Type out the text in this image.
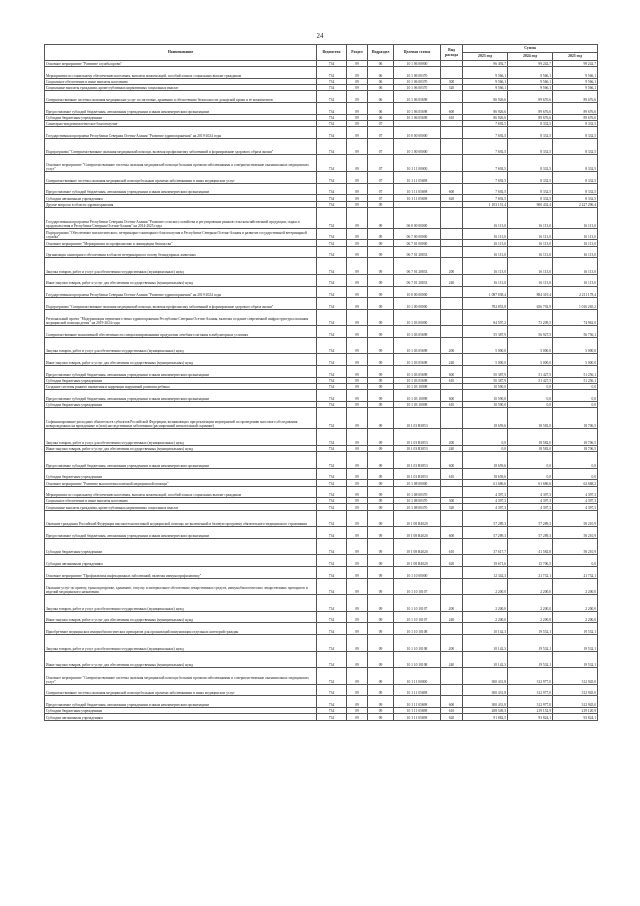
24
Наименование	Ведомство	Раздел	Подраздел	Целевая статья	Вид расхода	Сумма		
						2023 год	2024 год	2025 год
Основное мероприятие "Развитие службы крови"	734	09	06	10 1 06 00000		96 492,7	99 242,7	99 242,7
Мероприятия по социальному обеспечению населения, выплаты компенсаций, пособий и иных социальных выплат гражданам	734	09	06	10 1 06 00370		9 566,1	9 566,1	9 566,1
Социальное обеспечение и иные выплаты населению	734	09	06	10 1 06 00370	300	9 566,1	9 566,1	9 566,1
Социальные выплаты гражданам, кроме публичных нормативных социальных выплат	734	09	06	10 1 06 00370	320	9 566,1	9 566,1	9 566,1
Совершенствование системы оказания медицинских услуг по заготовке, хранению и обеспечению безопасности донорской крови и ее компонентов	734	09	06	10 1 06 05698		86 926,6	89 676,6	89 676,6
Предоставление субсидий бюджетным, автономным учреждениям и иным некоммерческим организациям	734	09	06	10 1 06 05698	600	86 926,6	89 676,6	89 676,6
Субсидии бюджетным учреждениям	734	09	06	10 1 06 05698	610	86 926,6	89 676,6	89 676,6
Санитарно-эпидемиологическое благополучие	734	09	07			7 692,5	8 332,5	8 332,5
Государственная программа Республики Северная Осетия-Алания "Развитие здравоохранения" на 2019-2024 годы	734	09	07	10 0 00 00000		7 692,5	8 332,5	8 332,5
Подпрограмма "Совершенствование оказания медицинской помощи, включая профилактику заболеваний и формирование здорового образа жизни"	734	09	07	10 1 00 00000		7 692,5	8 332,5	8 332,5
Основное мероприятие "Совершенствование системы оказания медицинской помощи больным прочими заболеваниями и совершенствование оказания иных медицинских услуг"	734	09	07	10 1 11 00000		7 692,5	8 332,5	8 332,5
Совершенствование системы оказания медицинской помощи больным прочими заболеваниями и иных медицинских услуг	734	09	07	10 1 11 05698		7 692,5	8 332,5	8 332,5
Предоставление субсидий бюджетным, автономным учреждениям и иным некоммерческим организациям	734	09	07	10 1 11 05698	600	7 692,5	8 332,5	8 332,5
Субсидии автономным учреждениям	734	09	07	10 1 11 05698	620	7 692,5	8 332,5	8 332,5
Другие вопросы в области здравоохранения	734	09	09			1 103 151,4	900 432,4	2 227 296,4
Государственная программа Республики Северная Осетия-Алания "Развитие сельского хозяйства и регулирование рынков сельскохозяйственной продукции, сырья и продовольствия в Республике Северная Осетия-Алания" на 2014-2025 годы	734	09	09	06 0 00 00000		16 113,0	16 113,0	16 113,0
Подпрограмма "Обеспечение эпизоотического, ветеринарно-санитарного благополучия в Республике Северная Осетия-Алания и развитие государственной ветеринарной службы"	734	09	09	06 7 00 00000		16 113,0	16 113,0	16 113,0
Основное мероприятие "Мероприятия по профилактике и ликвидации бешенства"	734	09	09	06 7 01 00000		16 113,0	16 113,0	16 113,0
Организация санитарного обеспечения в области ветеринарии по отлову безнадзорных животных	734	09	09	06 7 01 20833		16 113,0	16 113,0	16 113,0
Закупка товаров, работ и услуг для обеспечения государственных (муниципальных) нужд	734	09	09	06 7 01 20833	200	16 113,0	16 113,0	16 113,0
Иные закупки товаров, работ и услуг для обеспечения государственных (муниципальных) нужд	734	09	09	06 7 01 20833	240	16 113,0	16 113,0	16 113,0
Государственная программа Республики Северная Осетия-Алания "Развитие здравоохранения" на 2019-2024 годы	734	09	09	10 0 00 00000		1 087 038,4	884 319,4	2 211 178,4
Подпрограмма "Совершенствование оказания медицинской помощи, включая профилактику заболеваний и формирование здорового образа жизни"	734	09	09	10 1 00 00000		782 853,8	656 792,9	1 016 265,2
Региональный проект "Модернизация первичного звена здравоохранения Республики Северная Осетия-Алания, включая создание современной инфраструктуры оказания медицинской помощи детям" на 2019-2024 годы	734	09	09	10 1 03 00000		84 597,2	73 209,5	74 962,0
Совершенствование экономичной обеспеченности специализированными продуктами лечебного питания в амбулаторных условиях	734	09	09	10 1 03 05698		55 387,9	56 927,5	56 756,1
Закупка товаров, работ и услуг для обеспечения государственных (муниципальных) нужд	734	09	09	10 1 03 05698	200	5 000,0	5 000,0	5 000,0
Иные закупки товаров, работ и услуг для обеспечения государственных (муниципальных) нужд	734	09	09	10 1 03 05698	240	5 000,0	5 000,0	5 000,0
Предоставление субсидий бюджетным, автономным учреждениям и иным некоммерческим организациям	734	09	09	10 1 03 05698	600	50 387,9	51 427,5	51 256,1
Субсидии бюджетным учреждениям	734	09	09	10 1 03 05698	610	50 387,9	51 427,5	51 256,1
Создание системы раннего выявления и коррекции нарушений развития ребенка	734	09	09	10 1 03 10098		10 590,0	0,0	0,0
Предоставление субсидий бюджетным, автономным учреждениям и иным некоммерческим организациям	734	09	09	10 1 03 10098	600	10 590,0	0,0	0,0
Субсидии бюджетным учреждениям	734	09	09	10 1 03 10098	610	10 590,0	0,0	0,0
Софинансирование расходных обязательств субъектов Российской Федерации, возникающих при реализации мероприятий по проведению массового обследования новорожденных на врожденные и (или) наследственные заболевания (расширенный неонатальный скрининг)	734	09	09	10 1 03 R3853		18 659,6	18 582,0	18 706,5
Закупка товаров, работ и услуг для обеспечения государственных (муниципальных) нужд	734	09	09	10 1 03 R3853	200	0,0	18 582,0	18 706,5
Иные закупки товаров, работ и услуг для обеспечения государственных (муниципальных) нужд	734	09	09	10 1 03 R3853	240	0,0	18 582,0	18 706,5
Предоставление субсидий бюджетным, автономным учреждениям и иным некоммерческим организациям	734	09	09	10 1 03 R3853	600	18 659,6	0,0	0,0
Субсидии бюджетным учреждениям	734	09	09	10 1 03 R3853	610	18 659,6	0,0	0,0
Основное мероприятие "Развитие высокотехнологичной медицинской помощи"	734	09	09	10 1 08 00000		61 686,6	61 686,6	62 668,2
Мероприятия по социальному обеспечению населения, выплаты компенсаций, пособий и иных социальных выплат гражданам	734	09	09	10 1 08 00370		4 397,3	4 397,3	4 397,3
Социальное обеспечение и иные выплаты населению	734	09	09	10 1 08 00370	300	4 397,3	4 397,3	4 397,3
Социальные выплаты гражданам, кроме публичных нормативных социальных выплат	734	09	09	10 1 08 00370	320	4 397,3	4 397,3	4 397,3
Оказание гражданам Российской Федерации высокотехнологичной медицинской помощи, не включенной в базовую программу обязательного медицинского страхования	734	09	09	10 1 08 R4020		57 289,3	57 289,3	58 210,9
Предоставление субсидий бюджетным, автономным учреждениям и иным некоммерческим организациям	734	09	09	10 1 08 R4020	600	57 289,3	57 289,3	58 210,9
Субсидии бюджетным учреждениям	734	09	09	10 1 08 R4020	610	37 617,7	41 582,8	58 210,9
Субсидии автономным учреждениям	734	09	09	10 1 08 R4020	620	19 671,6	15 706,5	0,0
Основное мероприятие "Профилактика инфекционных заболеваний, включая иммунопрофилактику"	734	09	09	10 1 10 00000		12 342,3	21 732,1	21 732,1
Оказание услуг по приему, транспортировке, хранению, отпуску и материальное обеспечение лекарственных средств, иммунобиологических лекарственных препаратов и изделий медицинского назначения	734	09	09	10 1 10 10107		2 200,0	2 200,0	2 200,0
Закупка товаров, работ и услуг для обеспечения государственных (муниципальных) нужд	734	09	09	10 1 10 10107	200	2 200,0	2 200,0	2 200,0
Иные закупки товаров, работ и услуг для обеспечения государственных (муниципальных) нужд	734	09	09	10 1 10 10107	240	2 200,0	2 200,0	2 200,0
Приобретение медицинских иммунобиологических препаратов для организаций иммунизации отдельных категорий граждан	734	09	09	10 1 10 10108		10 142,3	19 532,1	19 532,1
Закупка товаров, работ и услуг для обеспечения государственных (муниципальных) нужд	734	09	09	10 1 10 10108	200	10 142,3	19 532,1	19 532,1
Иные закупки товаров, работ и услуг для обеспечения государственных (муниципальных) нужд	734	09	09	10 1 10 10108	240	10 142,3	19 532,1	19 532,1
Основное мероприятие "Совершенствование системы оказания медицинской помощи больным прочими заболеваниями и совершенствование оказания иных медицинских услуг"	734	09	09	10 1 11 00000		300 431,8	312 977,0	312 945,0
Совершенствование системы оказания медицинской помощи больным прочими заболеваниями и иных медицинских услуг	734	09	09	10 1 11 05698		300 431,8	312 977,0	312 945,0
Предоставление субсидий бюджетным, автономным учреждениям и иным некоммерческим организациям	734	09	09	10 1 11 05698	600	300 431,8	312 977,0	312 945,0
Субсидии бюджетным учреждениям	734	09	09	10 1 11 05698	610	208 549,3	219 152,9	219 120,9
Субсидии автономным учреждениям	734	09	09	10 1 11 05698	620	91 882,5	93 824,1	93 824,1
